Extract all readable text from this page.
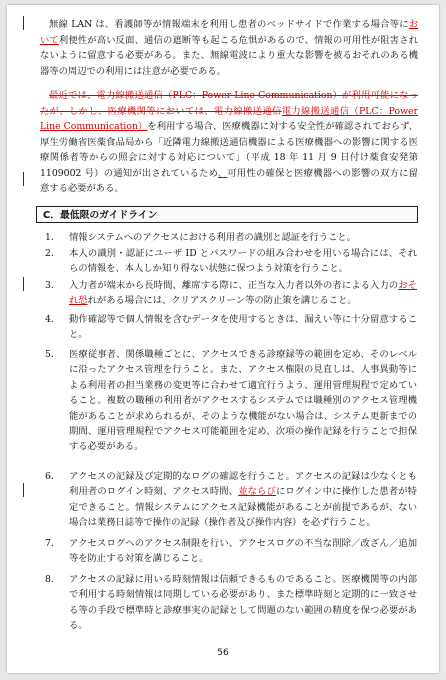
無線 LAN は、看護師等が情報端末を利用し患者のベッドサイドで作業する場合等において利便性が高い反面、通信の遮断等も起こる危惧があるので、情報の可用性が阻害されないように留意する必要がある。また、無線電波により重大な影響を被るおそれのある機器等の周辺での利用には注意が必要である。

最近では、電力線搬送通信（PLC：Power Line Communication）が利用可能になったが、しかし、医療機関等においては、電力線搬送通信電力線搬送通信（PLC：Power Line Communication）を利用する場合、医療機器に対する安全性が確認されておらず、厚生労働省医薬食品局から「近隣電力線搬送通信機器による医療機器への影響に関する医療関係者等からの照会に対する対応について」（平成 18 年 11 月 9 日付け薬食安発第 1109002 号）の通知が出されているため、可用性の確保と医療機器への影響の双方に留意する必要がある。

C．最低限のガイドライン
1.	情報システムへのアクセスにおける利用者の識別と認証を行うこと。
2.	本人の識別・認証にユーザ ID とパスワードの組み合わせを用いる場合には、それらの情報を、本人しか知り得ない状態に保つよう対策を行うこと。
3.	入力者が端末から長時間、離席する際に、正当な入力者以外の者による入力のおそれ恐れがある場合には、クリアスクリーン等の防止策を講じること。
4.	動作確認等で個人情報を含むデータを使用するときは、漏えい等に十分留意すること。
5.	医療従事者、関係職種ごとに、アクセスできる診療録等の範囲を定め、そのレベルに沿ったアクセス管理を行うこと。また、アクセス権限の見直しは、人事異動等による利用者の担当業務の変更等に合わせて適宜行うよう、運用管理規程で定めていること。複数の職種の利用者がアクセスするシステムでは職種別のアクセス管理機能があることが求められるが、そのような機能がない場合は、システム更新までの期間、運用管理規程でアクセス可能範囲を定め、次項の操作記録を行うことで担保する必要がある。
6.	アクセスの記録及び定期的なログの確認を行うこと。アクセスの記録は少なくとも利用者のログイン時刻、アクセス時間、並ならびにログイン中に操作した患者が特定できること。情報システムにアクセス記録機能があることが前提であるが、ない場合は業務日誌等で操作の記録（操作者及び操作内容）を必ず行うこと。
7.	アクセスログへのアクセス制限を行い、アクセスログの不当な削除／改ざん／追加等を防止する対策を講じること。
8.	アクセスの記録に用いる時刻情報は信頼できるものであること。医療機関等の内部で利用する時刻情報は同期している必要があり、また標準時刻と定期的に一致させる等の手段で標準時と診療事実の記録として問題のない範囲の精度を保つ必要がある。
56
